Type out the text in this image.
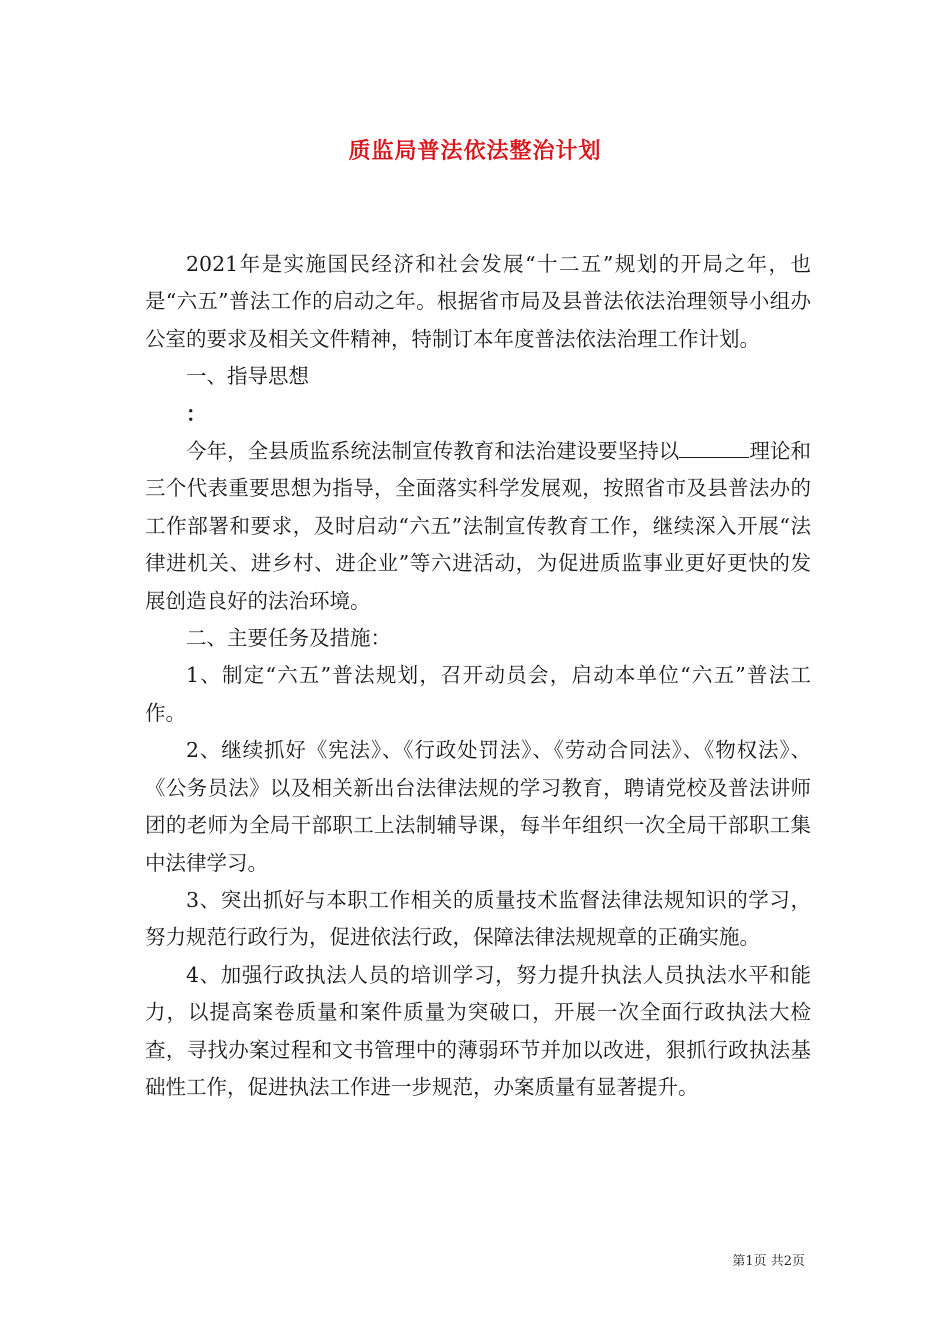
质监局普法依法整治计划

2021年是实施国民经济和社会发展“十二五”规划的开局之年，也是“六五”普法工作的启动之年。根据省市局及县普法依法治理领导小组办公室的要求及相关文件精神，特制订本年度普法依法治理工作计划。

一、指导思想

：

今年，全县质监系统法制宣传教育和法治建设要坚持以	理论和三个代表重要思想为指导，全面落实科学发展观，按照省市及县普法办的工作部署和要求，及时启动“六五”法制宣传教育工作，继续深入开展“法律进机关、进乡村、进企业”等六进活动，为促进质监事业更好更快的发展创造良好的法治环境。

二、主要任务及措施：

1、制定“六五”普法规划，召开动员会，启动本单位“六五”普法工作。

2、继续抓好《宪法》、《行政处罚法》、《劳动合同法》、《物权法》、《公务员法》以及相关新出台法律法规的学习教育，聘请党校及普法讲师团的老师为全局干部职工上法制辅导课，每半年组织一次全局干部职工集中法律学习。

3、突出抓好与本职工作相关的质量技术监督法律法规知识的学习，努力规范行政行为，促进依法行政，保障法律法规规章的正确实施。

4、加强行政执法人员的培训学习，努力提升执法人员执法水平和能力，以提高案卷质量和案件质量为突破口，开展一次全面行政执法大检查，寻找办案过程和文书管理中的薄弱环节并加以改进，狠抓行政执法基础性工作，促进执法工作进一步规范，办案质量有显著提升。

第1页 共2页
